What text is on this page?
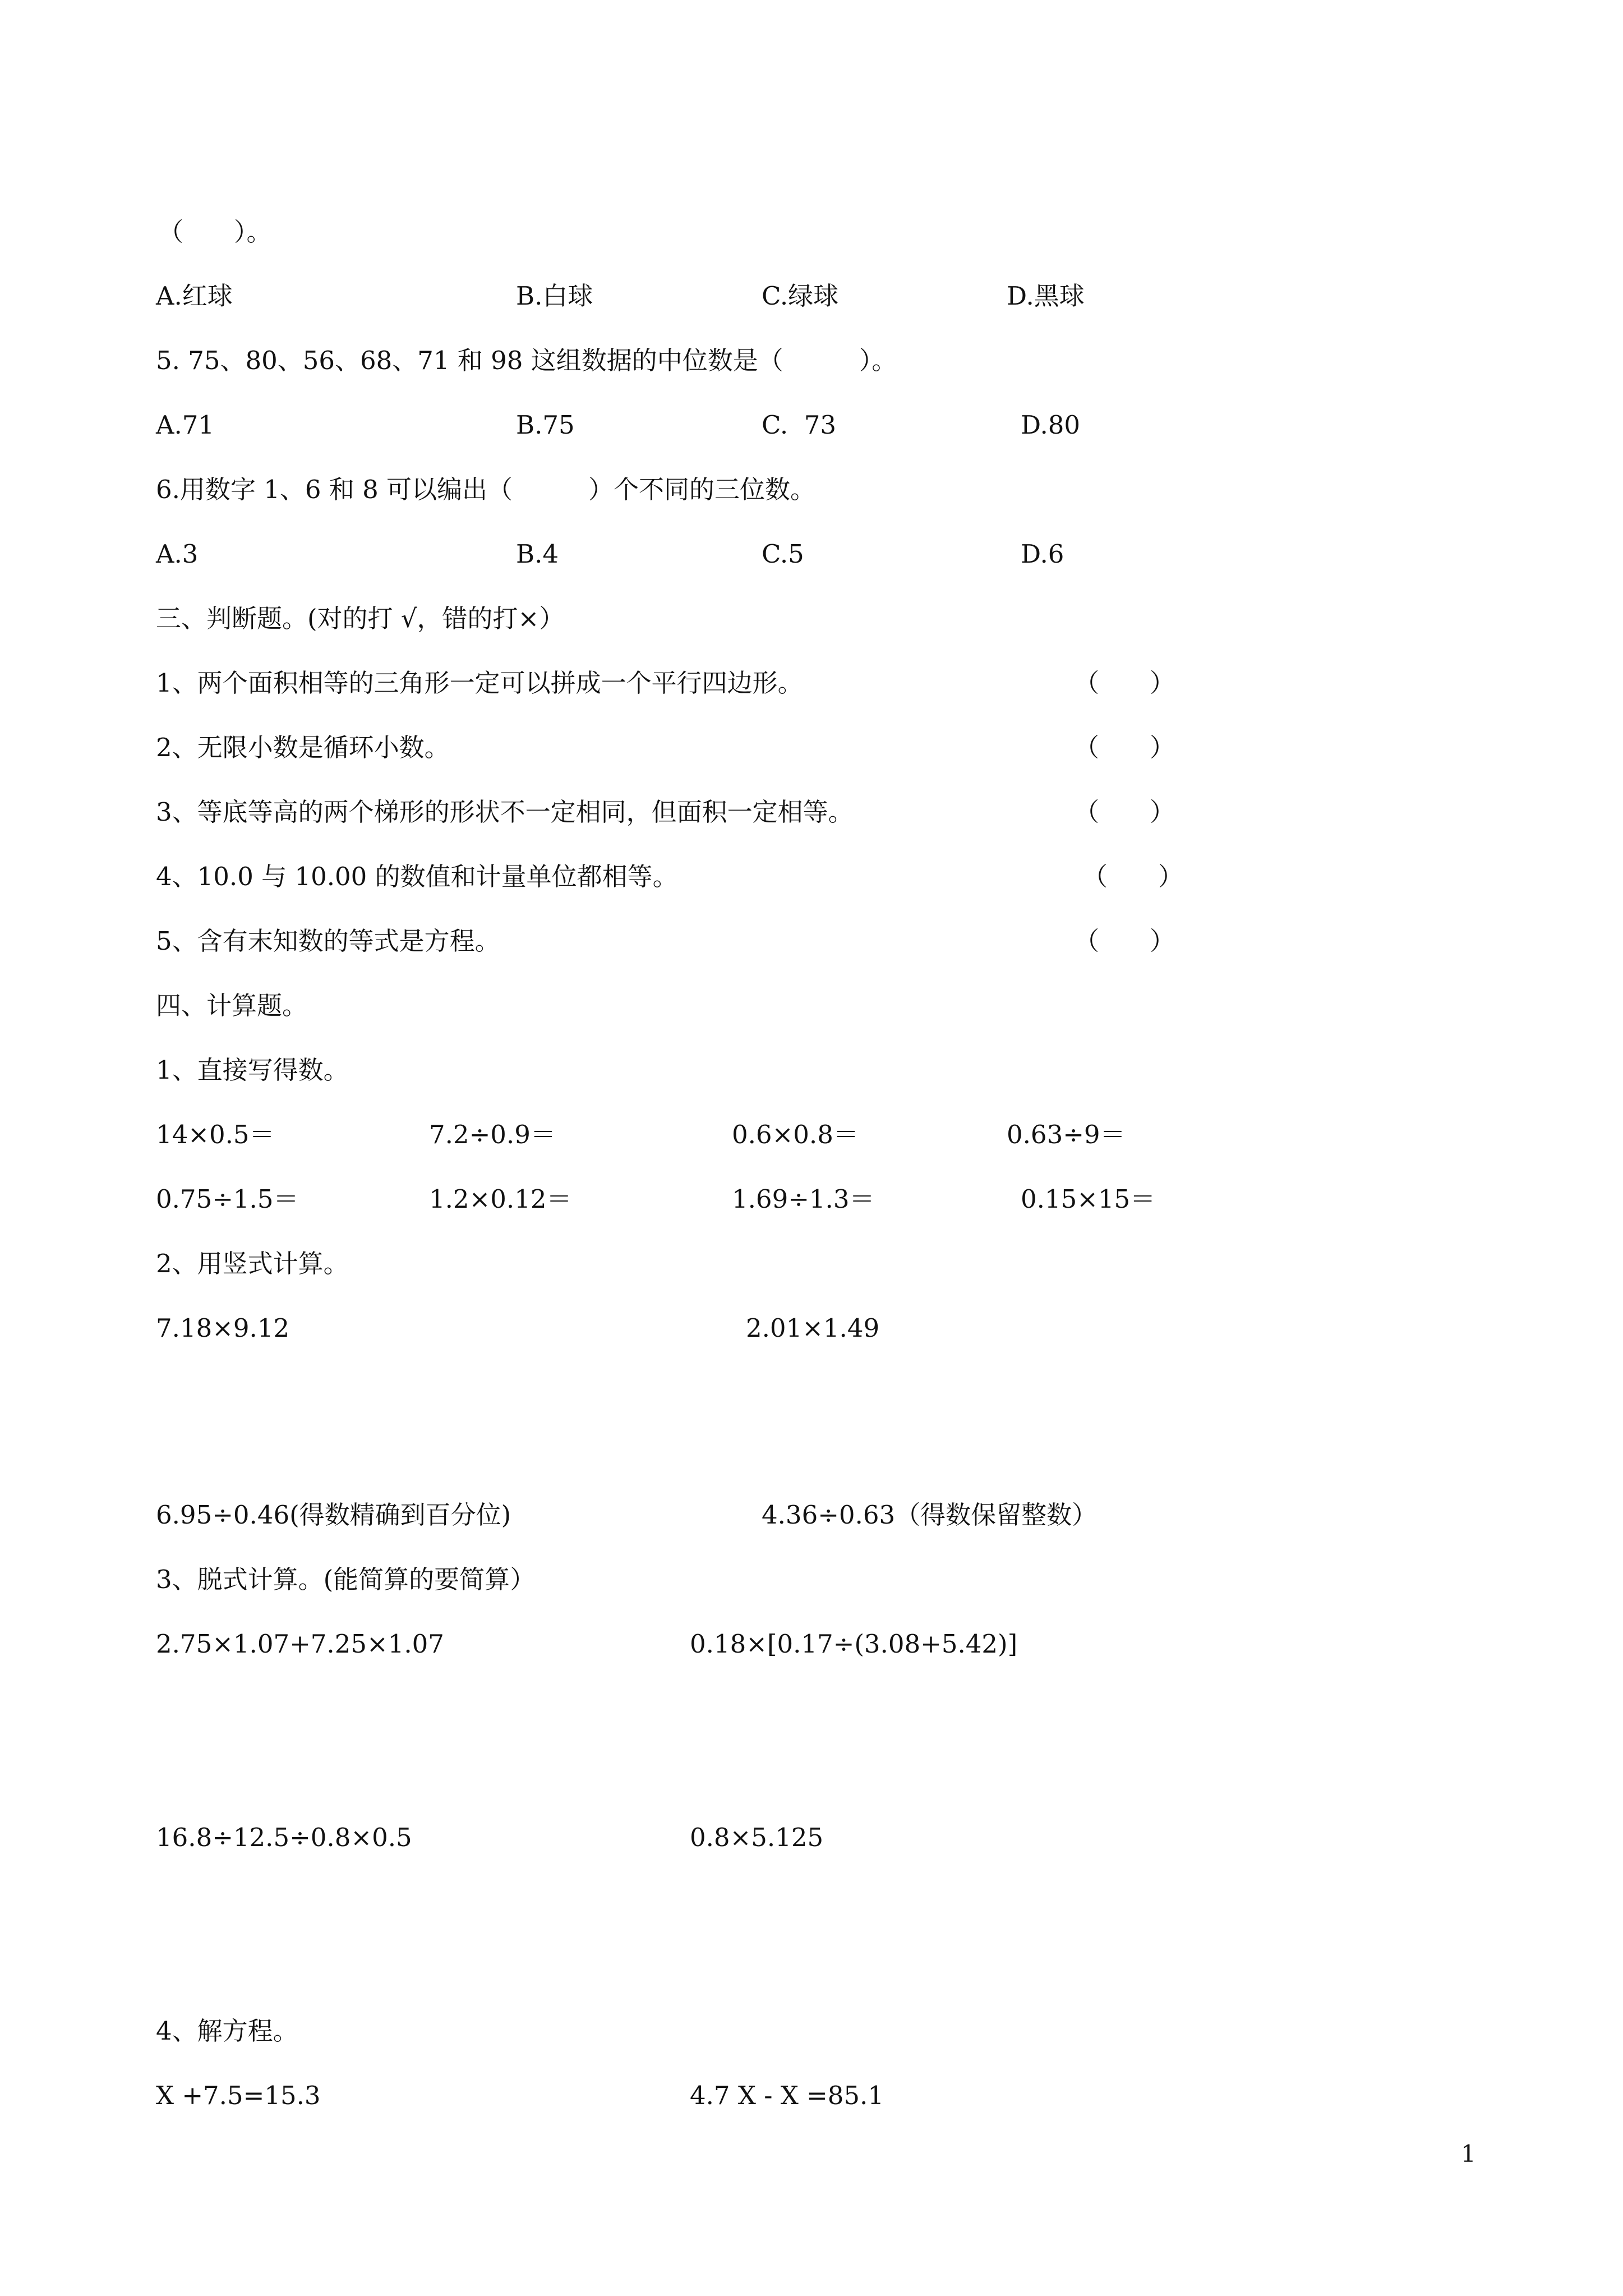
（　　）。
A.红球	B.白球	C.绿球	D.黑球
5. 75、80、56、68、71 和 98 这组数据的中位数是（　　　）。
A.71	B.75	C.  73	D.80
6.用数字 1、6 和 8 可以编出（　　　）个不同的三位数。
A.3	B.4	C.5	D.6
三、判断题。(对的打 √，错的打×）
1、两个面积相等的三角形一定可以拼成一个平行四边形。	（　　）
2、无限小数是循环小数。	（　　）
3、等底等高的两个梯形的形状不一定相同，但面积一定相等。	（　　）
4、10.0 与 10.00 的数值和计量单位都相等。	（　　）
5、含有末知数的等式是方程。	（　　）
四、计算题。
1、直接写得数。
14×0.5＝	7.2÷0.9＝	0.6×0.8＝	0.63÷9＝
0.75÷1.5＝	1.2×0.12＝	1.69÷1.3＝	0.15×15＝
2、用竖式计算。
7.18×9.12	2.01×1.49
6.95÷0.46(得数精确到百分位)	4.36÷0.63（得数保留整数）
3、脱式计算。(能简算的要简算）
2.75×1.07+7.25×1.07	0.18×[0.17÷(3.08+5.42)]
16.8÷12.5÷0.8×0.5	0.8×5.125
4、解方程。
X +7.5=15.3	4.7 X - X =85.1
1
